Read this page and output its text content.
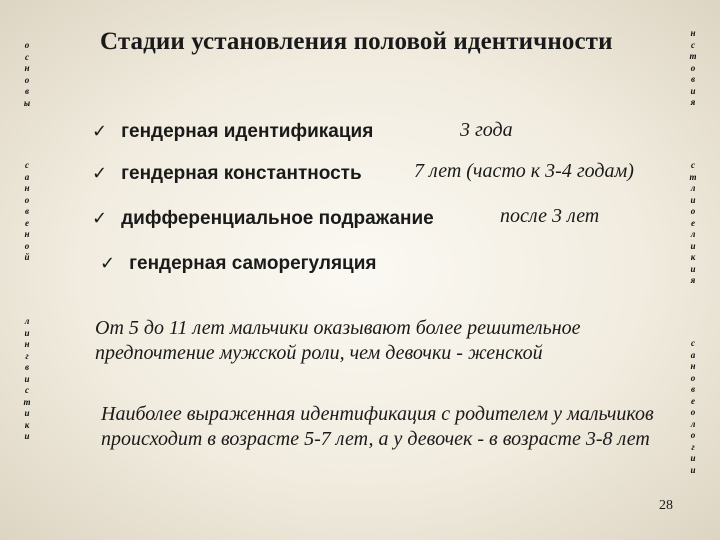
о
с
н
о
в
ы
с
а
н
о
в
е
н
о
й
л
и
н
г
в
и
с
т
и
к
и
н
с
т
о
в
и
я
с
т
л
и
о
е
л
и
к
и
я
с
а
н
о
в
е
о
л
о
г
и
и
Стадии установления половой идентичности
✓ гендерная идентификация	3 года
✓ гендерная константность	7 лет (часто к 3-4 годам)
✓ дифференциальное подражание	после 3 лет
✓ гендерная саморегуляция
От 5 до 11 лет мальчики оказывают более решительное предпочтение мужской роли, чем девочки - женской
Наиболее выраженная идентификация с родителем у мальчиков происходит в возрасте 5-7 лет, а у девочек - в возрасте 3-8 лет
28
